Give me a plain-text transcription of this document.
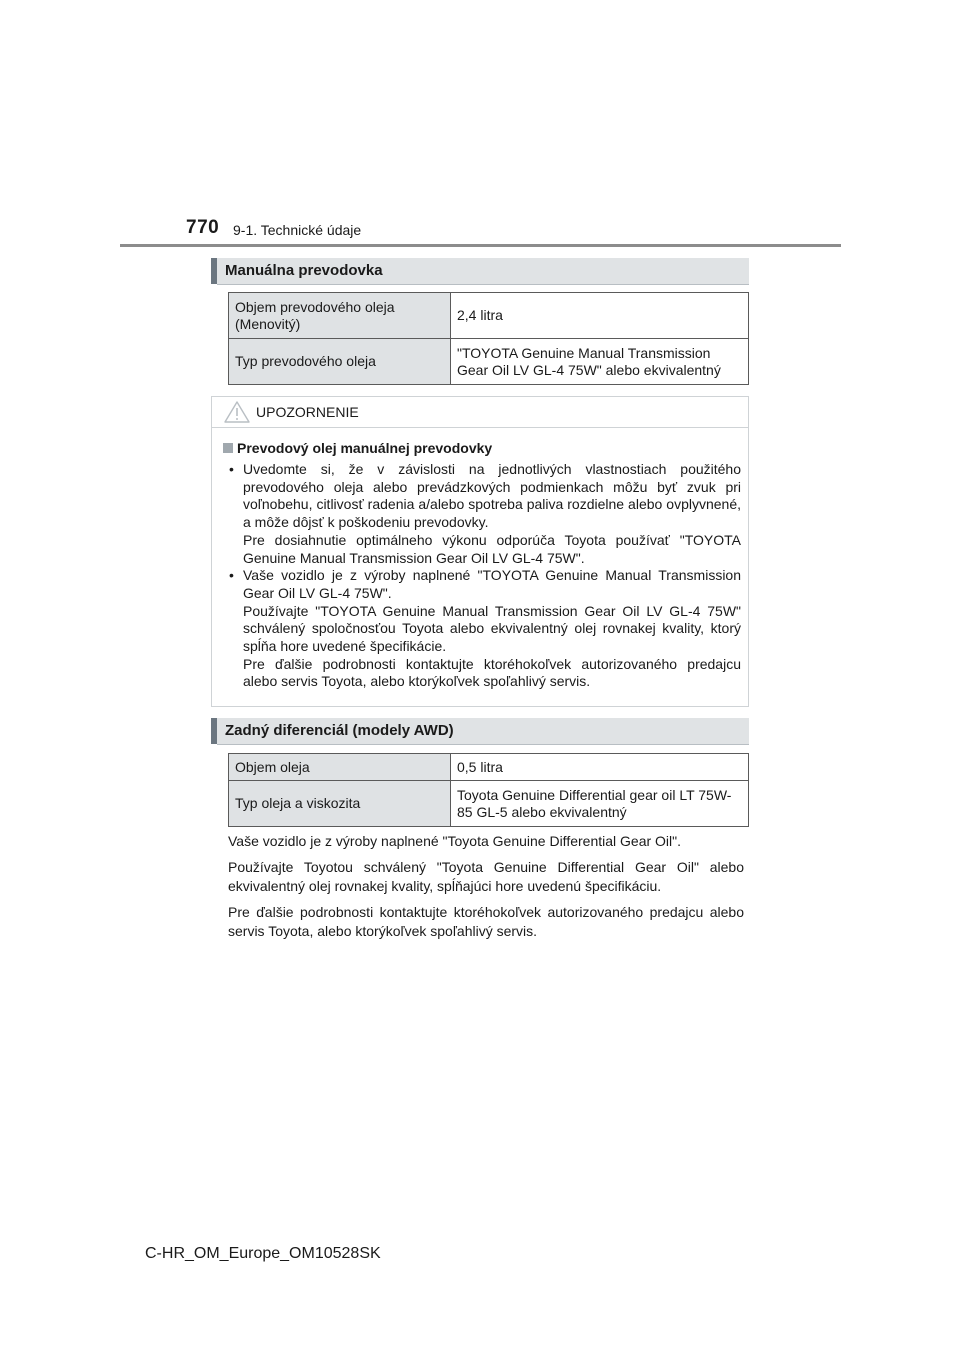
770 9-1. Technické údaje
Manuálna prevodovka
Objem prevodového oleja (Menovitý)	2,4 litra
Typ prevodového oleja	"TOYOTA Genuine Manual Transmission Gear Oil LV GL-4 75W" alebo ekvivalentný
UPOZORNENIE
Prevodový olej manuálnej prevodovky

• Uvedomte si, že v závislosti na jednotlivých vlastnostiach použitého prevodového oleja alebo prevádzkových podmienkach môžu byť zvuk pri voľnobehu, citlivosť radenia a/alebo spotreba paliva rozdielne alebo ovplyvnené, a môže dôjsť k poškodeniu prevodovky.

Pre dosiahnutie optimálneho výkonu odporúča Toyota používať "TOYOTA Genuine Manual Transmission Gear Oil LV GL-4 75W".

• Vaše vozidlo je z výroby naplnené "TOYOTA Genuine Manual Transmission Gear Oil LV GL-4 75W".

Používajte "TOYOTA Genuine Manual Transmission Gear Oil LV GL-4 75W" schválený spoločnosťou Toyota alebo ekvivalentný olej rovnakej kvality, ktorý spĺňa hore uvedené špecifikácie.

Pre ďalšie podrobnosti kontaktujte ktoréhokoľvek autorizovaného predajcu alebo servis Toyota, alebo ktorýkoľvek spoľahlivý servis.

Zadný diferenciál (modely AWD)
Objem oleja	0,5 litra
Typ oleja a viskozita	Toyota Genuine Differential gear oil LT 75W-85 GL-5 alebo ekvivalentný

Vaše vozidlo je z výroby naplnené "Toyota Genuine Differential Gear Oil".

Používajte Toyotou schválený "Toyota Genuine Differential Gear Oil" alebo ekvivalentný olej rovnakej kvality, spĺňajúci hore uvedenú špecifikáciu.

Pre ďalšie podrobnosti kontaktujte ktoréhokoľvek autorizovaného predajcu alebo servis Toyota, alebo ktorýkoľvek spoľahlivý servis.

C-HR_OM_Europe_OM10528SK
